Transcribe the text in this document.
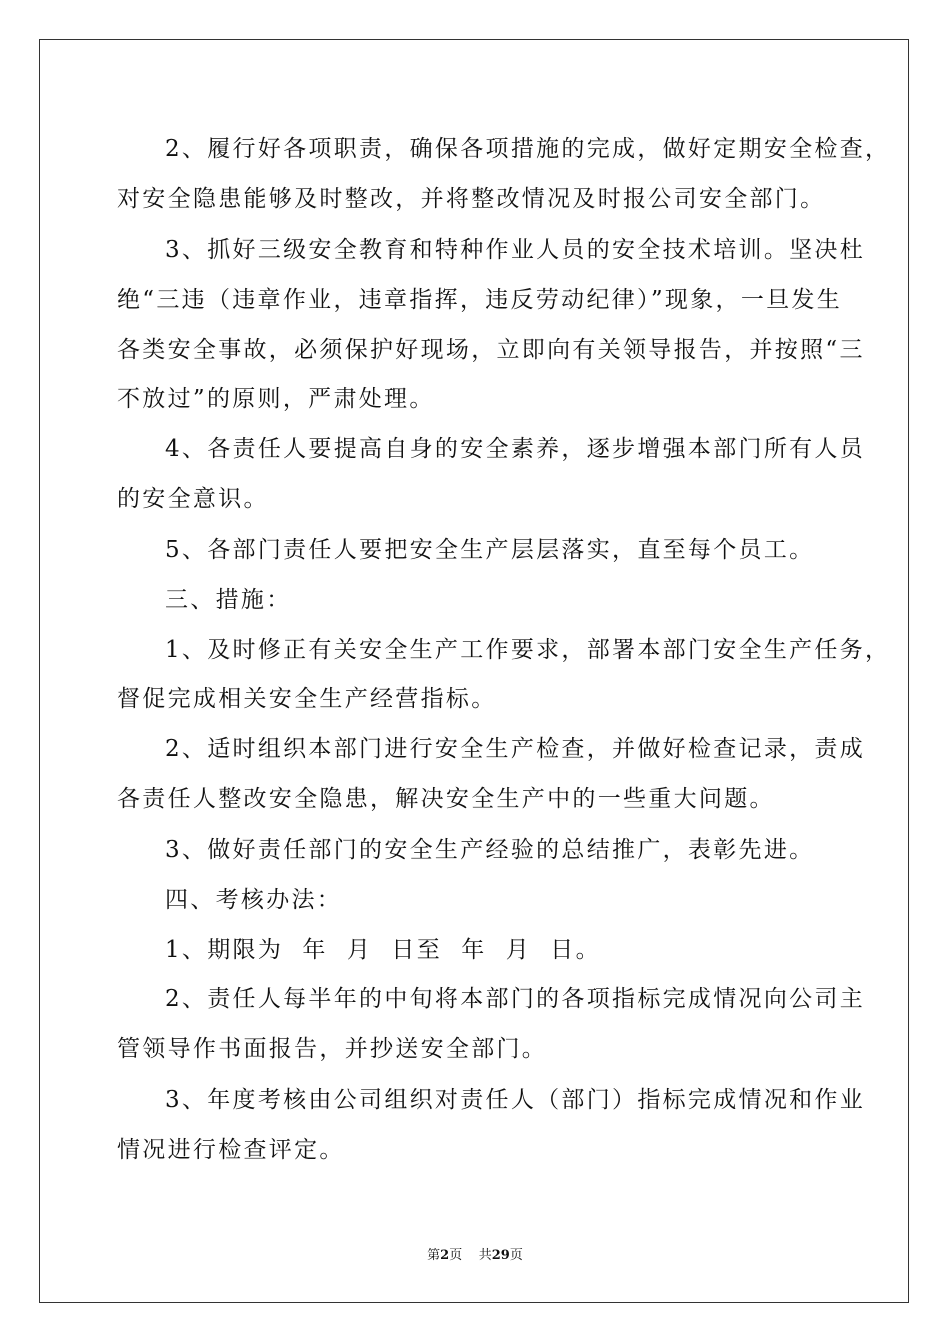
2、履行好各项职责，确保各项措施的完成，做好定期安全检查，
对安全隐患能够及时整改，并将整改情况及时报公司安全部门。
3、抓好三级安全教育和特种作业人员的安全技术培训。坚决杜
绝“三违（违章作业，违章指挥，违反劳动纪律）”现象，一旦发生
各类安全事故，必须保护好现场，立即向有关领导报告，并按照“三
不放过”的原则，严肃处理。
4、各责任人要提高自身的安全素养，逐步增强本部门所有人员
的安全意识。
5、各部门责任人要把安全生产层层落实，直至每个员工。
三、措施：
1、及时修正有关安全生产工作要求，部署本部门安全生产任务，
督促完成相关安全生产经营指标。
2、适时组织本部门进行安全生产检查，并做好检查记录，责成
各责任人整改安全隐患，解决安全生产中的一些重大问题。
3、做好责任部门的安全生产经验的总结推广，表彰先进。
四、考核办法：
1、期限为  年  月  日至  年  月  日。
2、责任人每半年的中旬将本部门的各项指标完成情况向公司主
管领导作书面报告，并抄送安全部门。
3、年度考核由公司组织对责任人（部门）指标完成情况和作业
情况进行检查评定。
第2页 共29页
